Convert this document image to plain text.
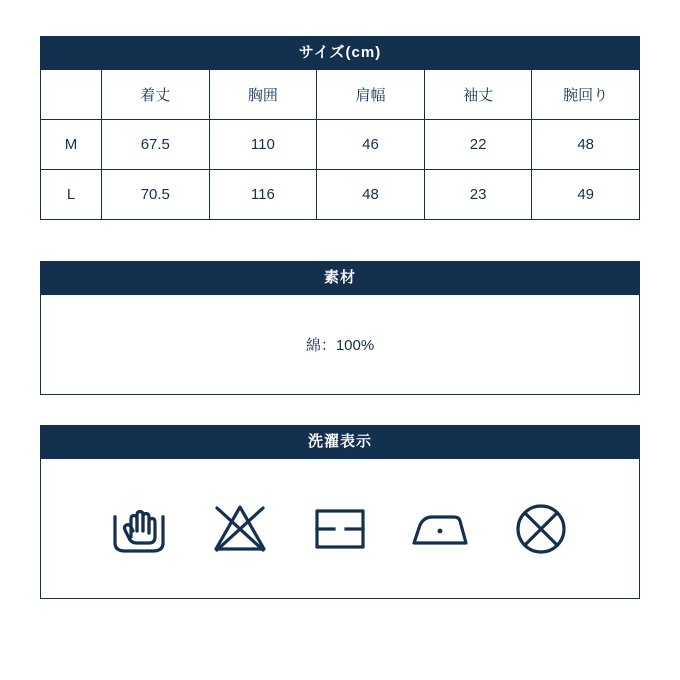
サイズ(cm)
	着丈	胸囲	肩幅	袖丈	腕回り
M	67.5	110	46	22	48
L	70.5	116	48	23	49
素材
綿：100%
洗濯表示
